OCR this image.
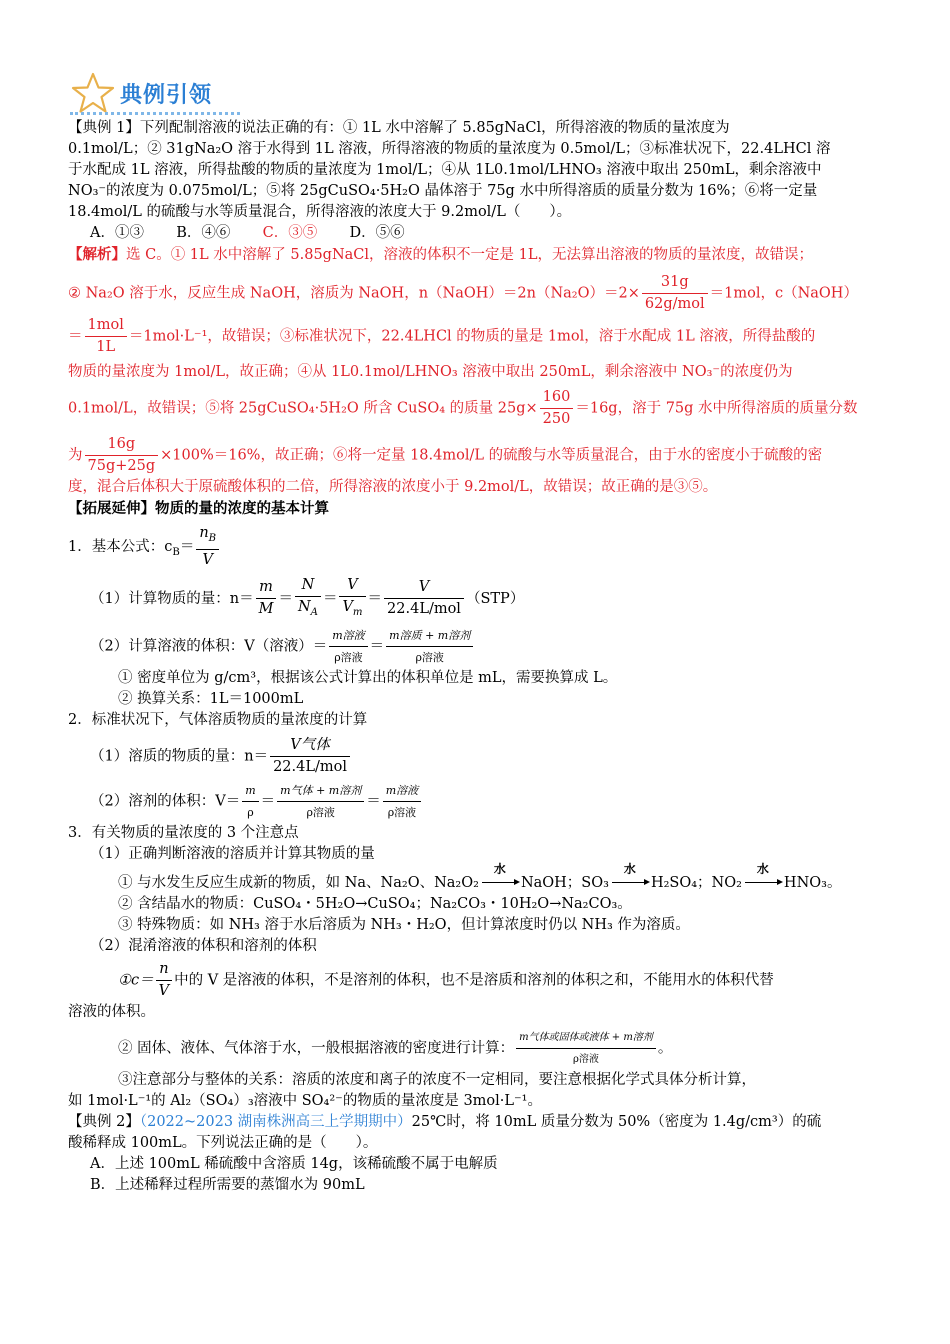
典例引领

【典例 1】下列配制溶液的说法正确的有：① 1L 水中溶解了 5.85gNaCl，所得溶液的物质的量浓度为

0.1mol/L；② 31gNa₂O 溶于水得到 1L 溶液，所得溶液的物质的量浓度为 0.5mol/L；③标准状况下，22.4LHCl 溶

于水配成 1L 溶液，所得盐酸的物质的量浓度为 1mol/L；④从 1L0.1mol/LHNO₃ 溶液中取出 250mL，剩余溶液中

NO₃⁻的浓度为 0.075mol/L；⑤将 25gCuSO₄·5H₂O 晶体溶于 75g 水中所得溶质的质量分数为 16%；⑥将一定量

18.4mol/L 的硫酸与水等质量混合，所得溶液的浓度大于 9.2mol/L（　　）。

A．①③ B．④⑥ C．③⑤ D．⑤⑥

【解析】选 C。① 1L 水中溶解了 5.85gNaCl，溶液的体积不一定是 1L，无法算出溶液的物质的量浓度，故错误；

② Na₂O 溶于水，反应生成 NaOH，溶质为 NaOH，n（NaOH）＝2n（Na₂O）＝2× $\frac{31g}{\text{62g/mol}} =1mol$，c（NaOH）

＝ $\frac{\text{1mol}}{1L} =1mol\cdot L^{-1}$，故错误；③标准状况下，22.4LHCl 的物质的量是 1mol，溶于水配成 1L 溶液，所得盐酸的

物质的量浓度为 1mol/L，故正确；④从 1L0.1mol/LHNO₃ 溶液中取出 250mL，剩余溶液中 NO₃⁻的浓度仍为

0.1mol/L，故错误；⑤将 25gCuSO₄·5H₂O 所含 CuSO₄ 的质量 $25g\times \frac{160}{250} =16g$，溶于 75g 水中所得溶质的质量分数

为 $\frac{16g}{75g+25g} \times 100\%=16\%$，故正确；⑥将一定量 18.4mol/L 的硫酸与水等质量混合，由于水的密度小于硫酸的密

度，混合后体积大于原硫酸体积的二倍，所得溶液的浓度小于 9.2mol/L，故错误；故正确的是③⑤。

【拓展延伸】物质的量的浓度的基本计算

1．基本公式：$c_B= \frac{n_B}{V}$

（1）计算物质的量：$n= \frac{m}{M} = \frac{N}{N_A} = \frac{V}{V_m} = \frac{V}{\text{22.4L/mol}} (STP)$

（2）计算溶液的体积：V（溶液）＝ $\frac{\text{m溶液}}{\text{ρ溶液}} = \frac{\text{m溶质 + m溶剂}}{\text{ρ溶液}}$

① 密度单位为 g/cm³，根据该公式计算出的体积单位是 mL，需要换算成 L。

② 换算关系：1L＝1000mL

2．标准状况下，气体溶质物质的量浓度的计算

（1）溶质的物质的量：$n= \frac{\text{V气体}}{\text{22.4L/mol}}$

（2）溶剂的体积：$V= \frac{m}{\rho} = \frac{\text{m气体 + m溶剂}}{\text{ρ溶液}} = \frac{\text{m溶液}}{\text{ρ溶液}}$

3．有关物质的量浓度的 3 个注意点

（1）正确判断溶液的溶质并计算其物质的量

① 与水发生反应生成新的物质，如 Na、Na₂O、Na₂O₂
水
NaOH；SO₃
水
H₂SO₄；NO₂
水
HNO₃。

② 含结晶水的物质：CuSO₄・5H₂O→CuSO₄；Na₂CO₃・10H₂O→Na₂CO₃。

③ 特殊物质：如 NH₃ 溶于水后溶质为 NH₃・H₂O，但计算浓度时仍以 NH₃ 作为溶质。

（2）混淆溶液的体积和溶剂的体积

①c＝ $\frac{n}{V}$ 中的 V 是溶液的体积，不是溶剂的体积，也不是溶质和溶剂的体积之和，不能用水的体积代替

溶液的体积。

② 固体、液体、气体溶于水，一般根据溶液的密度进行计算： $\frac{\text{m气体或固体或液体 + m溶剂}}{\text{ρ溶液}}$ 。

③注意部分与整体的关系：溶质的浓度和离子的浓度不一定相同，要注意根据化学式具体分析计算，

如 1mol·L⁻¹的 Al₂（SO₄）₃溶液中 SO₄²⁻的物质的量浓度是 3mol·L⁻¹。

【典例 2】（2022~2023 湖南株洲高三上学期期中）25℃时，将 10mL 质量分数为 50%（密度为 1.4g/cm³）的硫

酸稀释成 100mL。下列说法正确的是（　　）。

A．上述 100mL 稀硫酸中含溶质 14g，该稀硫酸不属于电解质

B．上述稀释过程所需要的蒸馏水为 90mL
